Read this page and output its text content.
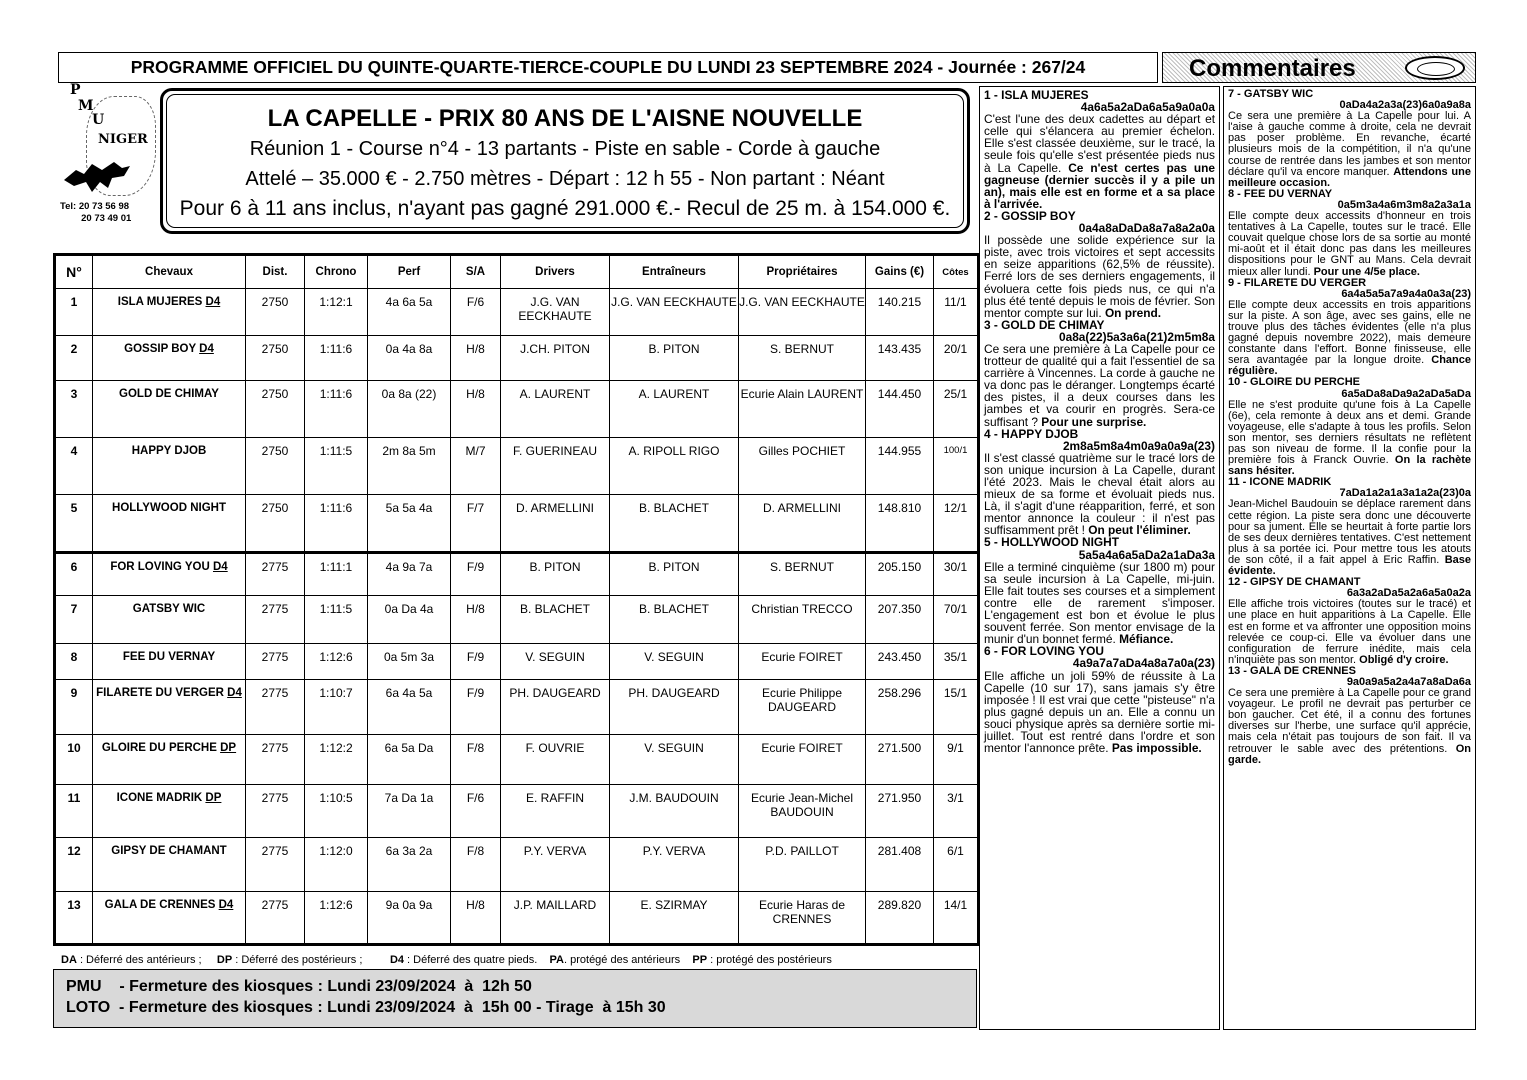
PROGRAMME OFFICIEL DU QUINTE-QUARTE-TIERCE-COUPLE DU LUNDI 23 SEPTEMBRE 2024 - Journée : 267/24	Commentaires
P
M
U
NIGER
Tel: 20 73 56 98
20 73 49 01
LA CAPELLE - PRIX 80 ANS DE L'AISNE NOUVELLE
Réunion 1 - Course n°4 - 13 partants - Piste en sable - Corde à gauche
Attelé – 35.000 € - 2.750 mètres - Départ : 12 h 55 - Non partant : Néant
Pour 6 à 11 ans inclus, n'ayant pas gagné 291.000 €.- Recul de 25 m. à 154.000 €.
N°	Chevaux	Dist.	Chrono	Perf	S/A	Drivers	Entraîneurs	Propriétaires	Gains (€)	Côtes
1	ISLA MUJERES D4	2750	1:12:1	4a 6a 5a	F/6	J.G. VAN EECKHAUTE	J.G. VAN EECKHAUTE	J.G. VAN EECKHAUTE	140.215	11/1
2	GOSSIP BOY D4	2750	1:11:6	0a 4a 8a	H/8	J.CH. PITON	B. PITON	S. BERNUT	143.435	20/1
3	GOLD DE CHIMAY	2750	1:11:6	0a 8a (22)	H/8	A. LAURENT	A. LAURENT	Ecurie Alain LAURENT	144.450	25/1
4	HAPPY DJOB	2750	1:11:5	2m 8a 5m	M/7	F. GUERINEAU	A. RIPOLL RIGO	Gilles POCHIET	144.955	100/1
5	HOLLYWOOD NIGHT	2750	1:11:6	5a 5a 4a	F/7	D. ARMELLINI	B. BLACHET	D. ARMELLINI	148.810	12/1
6	FOR LOVING YOU D4	2775	1:11:1	4a 9a 7a	F/9	B. PITON	B. PITON	S. BERNUT	205.150	30/1
7	GATSBY WIC	2775	1:11:5	0a Da 4a	H/8	B. BLACHET	B. BLACHET	Christian TRECCO	207.350	70/1
8	FEE DU VERNAY	2775	1:12:6	0a 5m 3a	F/9	V. SEGUIN	V. SEGUIN	Ecurie FOIRET	243.450	35/1
9	FILARETE DU VERGER D4	2775	1:10:7	6a 4a 5a	F/9	PH. DAUGEARD	PH. DAUGEARD	Ecurie Philippe DAUGEARD	258.296	15/1
10	GLOIRE DU PERCHE DP	2775	1:12:2	6a 5a Da	F/8	F. OUVRIE	V. SEGUIN	Ecurie FOIRET	271.500	9/1
11	ICONE MADRIK DP	2775	1:10:5	7a Da 1a	F/6	E. RAFFIN	J.M. BAUDOUIN	Ecurie Jean-Michel BAUDOUIN	271.950	3/1
12	GIPSY DE CHAMANT	2775	1:12:0	6a 3a 2a	F/8	P.Y. VERVA	P.Y. VERVA	P.D. PAILLOT	281.408	6/1
13	GALA DE CRENNES D4	2775	1:12:6	9a 0a 9a	H/8	J.P. MAILLARD	E. SZIRMAY	Ecurie Haras de CRENNES	289.820	14/1
DA : Déferré des antérieurs ; DP : Déferré des postérieurs ;	D4 : Déferré des quatre pieds. PA. protégé des antérieurs PP : protégé des postérieurs
PMU    - Fermeture des kiosques : Lundi 23/09/2024  à  12h 50
LOTO  - Fermeture des kiosques : Lundi 23/09/2024  à  15h 00 - Tirage  à 15h 30
1 - ISLA MUJERES
4a6a5a2aDa6a5a9a0a0a
C'est l'une des deux cadettes au départ et celle qui s'élancera au premier échelon. Elle s'est classée deuxième, sur le tracé, la seule fois qu'elle s'est présentée pieds nus à La Capelle. Ce n'est certes pas une gagneuse (dernier succès il y a pile un an), mais elle est en forme et a sa place à l'arrivée.
2 - GOSSIP BOY
0a4a8aDaDa8a7a8a2a0a
Il possède une solide expérience sur la piste, avec trois victoires et sept accessits en seize apparitions (62,5% de réussite). Ferré lors de ses derniers engagements, il évoluera cette fois pieds nus, ce qui n'a plus été tenté depuis le mois de février. Son mentor compte sur lui. On prend.
3 - GOLD DE CHIMAY
0a8a(22)5a3a6a(21)2m5m8a
Ce sera une première à La Capelle pour ce trotteur de qualité qui a fait l'essentiel de sa carrière à Vincennes. La corde à gauche ne va donc pas le déranger. Longtemps écarté des pistes, il a deux courses dans les jambes et va courir en progrès. Sera-ce suffisant ? Pour une surprise.
4 - HAPPY DJOB
2m8a5m8a4m0a9a0a9a(23)
Il s'est classé quatrième sur le tracé lors de son unique incursion à La Capelle, durant l'été 2023. Mais le cheval était alors au mieux de sa forme et évoluait pieds nus. Là, il s'agit d'une réapparition, ferré, et son mentor annonce la couleur : il n'est pas suffisamment prêt ! On peut l'éliminer.
5 - HOLLYWOOD NIGHT
5a5a4a6a5aDa2a1aDa3a
Elle a terminé cinquième (sur 1800 m) pour sa seule incursion à La Capelle, mi-juin. Elle fait toutes ses courses et a simplement contre elle de rarement s'imposer. L'engagement est bon et évolue le plus souvent ferrée. Son mentor envisage de la munir d'un bonnet fermé. Méfiance.
6 - FOR LOVING YOU
4a9a7a7aDa4a8a7a0a(23)
Elle affiche un joli 59% de réussite à La Capelle (10 sur 17), sans jamais s'y être imposée ! Il est vrai que cette "pisteuse" n'a plus gagné depuis un an. Elle a connu un souci physique après sa dernière sortie mi-juillet. Tout est rentré dans l'ordre et son mentor l'annonce prête. Pas impossible.
7 - GATSBY WIC
0aDa4a2a3a(23)6a0a9a8a
Ce sera une première à La Capelle pour lui. A l'aise à gauche comme à droite, cela ne devrait pas poser problème. En revanche, écarté plusieurs mois de la compétition, il n'a qu'une course de rentrée dans les jambes et son mentor déclare qu'il va encore manquer. Attendons une meilleure occasion.
8 - FEE DU VERNAY
0a5m3a4a6m3m8a2a3a1a
Elle compte deux accessits d'honneur en trois tentatives à La Capelle, toutes sur le tracé. Elle couvait quelque chose lors de sa sortie au monté mi-août et il était donc pas dans les meilleures dispositions pour le GNT au Mans. Cela devrait mieux aller lundi. Pour une 4/5e place.
9 - FILARETE DU VERGER
6a4a5a5a7a9a4a0a3a(23)
Elle compte deux accessits en trois apparitions sur la piste. A son âge, avec ses gains, elle ne trouve plus des tâches évidentes (elle n'a plus gagné depuis novembre 2022), mais demeure constante dans l'effort. Bonne finisseuse, elle sera avantagée par la longue droite. Chance régulière.
10 - GLOIRE DU PERCHE
6a5aDa8aDa9a2aDa5aDa
Elle ne s'est produite qu'une fois à La Capelle (6e), cela remonte à deux ans et demi. Grande voyageuse, elle s'adapte à tous les profils. Selon son mentor, ses derniers résultats ne reflètent pas son niveau de forme. Il la confie pour la première fois à Franck Ouvrie. On la rachète sans hésiter.
11 - ICONE MADRIK
7aDa1a2a1a3a1a2a(23)0a
Jean-Michel Baudouin se déplace rarement dans cette région. La piste sera donc une découverte pour sa jument. Elle se heurtait à forte partie lors de ses deux dernières tentatives. C'est nettement plus à sa portée ici. Pour mettre tous les atouts de son côté, il a fait appel à Eric Raffin. Base évidente.
12 - GIPSY DE CHAMANT
6a3a2aDa5a2a6a5a0a2a
Elle affiche trois victoires (toutes sur le tracé) et une place en huit apparitions à La Capelle. Elle est en forme et va affronter une opposition moins relevée ce coup-ci. Elle va évoluer dans une configuration de ferrure inédite, mais cela n'inquiète pas son mentor. Obligé d'y croire.
13 - GALA DE CRENNES
9a0a9a5a2a4a7a8aDa6a
Ce sera une première à La Capelle pour ce grand voyageur. Le profil ne devrait pas perturber ce bon gaucher. Cet été, il a connu des fortunes diverses sur l'herbe, une surface qu'il apprécie, mais cela n'était pas toujours de son fait. Il va retrouver le sable avec des prétentions. On garde.
